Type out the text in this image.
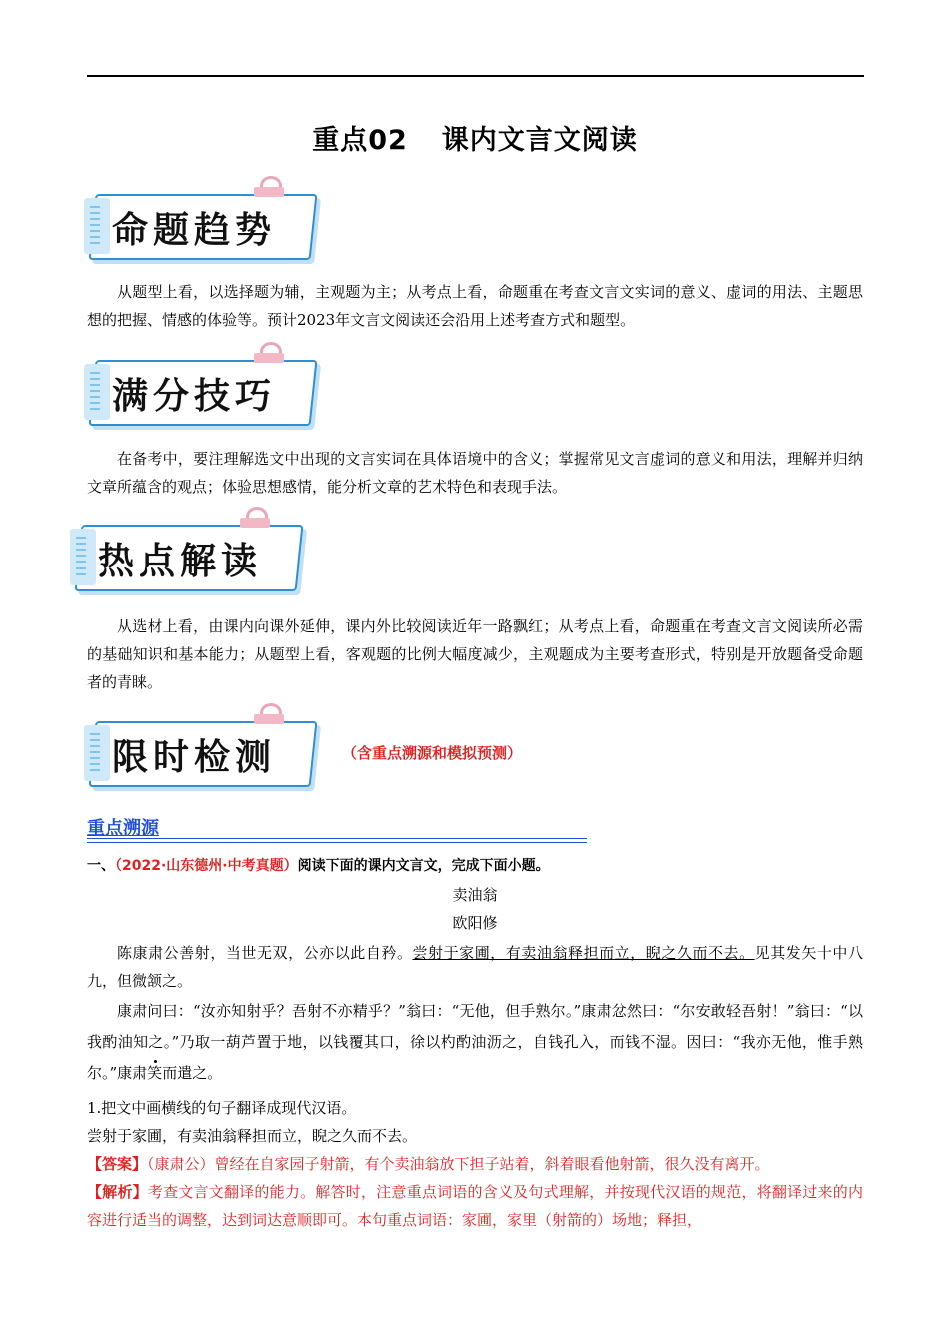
重点02 课内文言文阅读
命题趋势
从题型上看，以选择题为辅，主观题为主；从考点上看，命题重在考查文言文实词的意义、虚词的用法、主题思想的把握、情感的体验等。预计2023年文言文阅读还会沿用上述考查方式和题型。
满分技巧
在备考中，要注理解选文中出现的文言实词在具体语境中的含义；掌握常见文言虚词的意义和用法，理解并归纳文章所蕴含的观点；体验思想感情，能分析文章的艺术特色和表现手法。
热点解读
从选材上看，由课内向课外延伸，课内外比较阅读近年一路飘红；从考点上看，命题重在考查文言文阅读所必需的基础知识和基本能力；从题型上看，客观题的比例大幅度减少，主观题成为主要考查形式，特别是开放题备受命题者的青睐。
限时检测	（含重点溯源和模拟预测）
重点溯源
一、（2022·山东德州·中考真题）阅读下面的课内文言文，完成下面小题。
卖油翁
欧阳修
陈康肃公善射，当世无双，公亦以此自矜。尝射于家圃，有卖油翁释担而立，睨之久而不去。见其发矢十中八九，但微颔之。
康肃问曰：“汝亦知射乎？吾射不亦精乎？”翁曰：“无他，但手熟尔。”康肃忿然曰：“尔安敢轻吾射！”翁曰：“以我酌油知之。”乃取一葫芦置于地，以钱覆其口，徐以杓酌油沥之，自钱孔入，而钱不湿。因曰：“我亦无他，惟手熟尔。”康肃笑而遣之。
1.把文中画横线的句子翻译成现代汉语。
尝射于家圃，有卖油翁释担而立，睨之久而不去。
【答案】（康肃公）曾经在自家园子射箭，有个卖油翁放下担子站着，斜着眼看他射箭，很久没有离开。
【解析】考查文言文翻译的能力。解答时，注意重点词语的含义及句式理解，并按现代汉语的规范，将翻译过来的内容进行适当的调整，达到词达意顺即可。本句重点词语：家圃，家里（射箭的）场地；释担，
